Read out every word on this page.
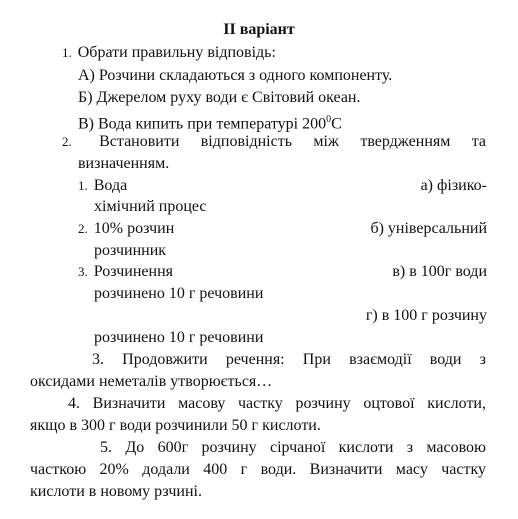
II варіант
1. Обрати правильну відповідь:
А) Розчини складаються з одного компоненту.
Б) Джерелом руху води є Світовий океан.
В) Вода кипить при температурі $200^0С$
2. Встановити відповідність між твердженням та
визначенням.
1. Вода	а) фізико-
хімічний процес
2. 10% розчин	б) універсальний
розчинник
3. Розчинення	в) в 100г води
розчинено 10 г речовини
г) в 100 г розчину
розчинено 10 г речовини
3. Продовжити речення: При взаємодії води з
оксидами неметалів утворюється…
4. Визначити масову частку розчину оцтової кислоти,
якщо в 300 г води розчинили 50 г кислоти.
5. До 600г розчину сірчаної кислоти з масовою
часткою 20% додали 400 г води. Визначити масу частку
кислоти в новому рзчині.
